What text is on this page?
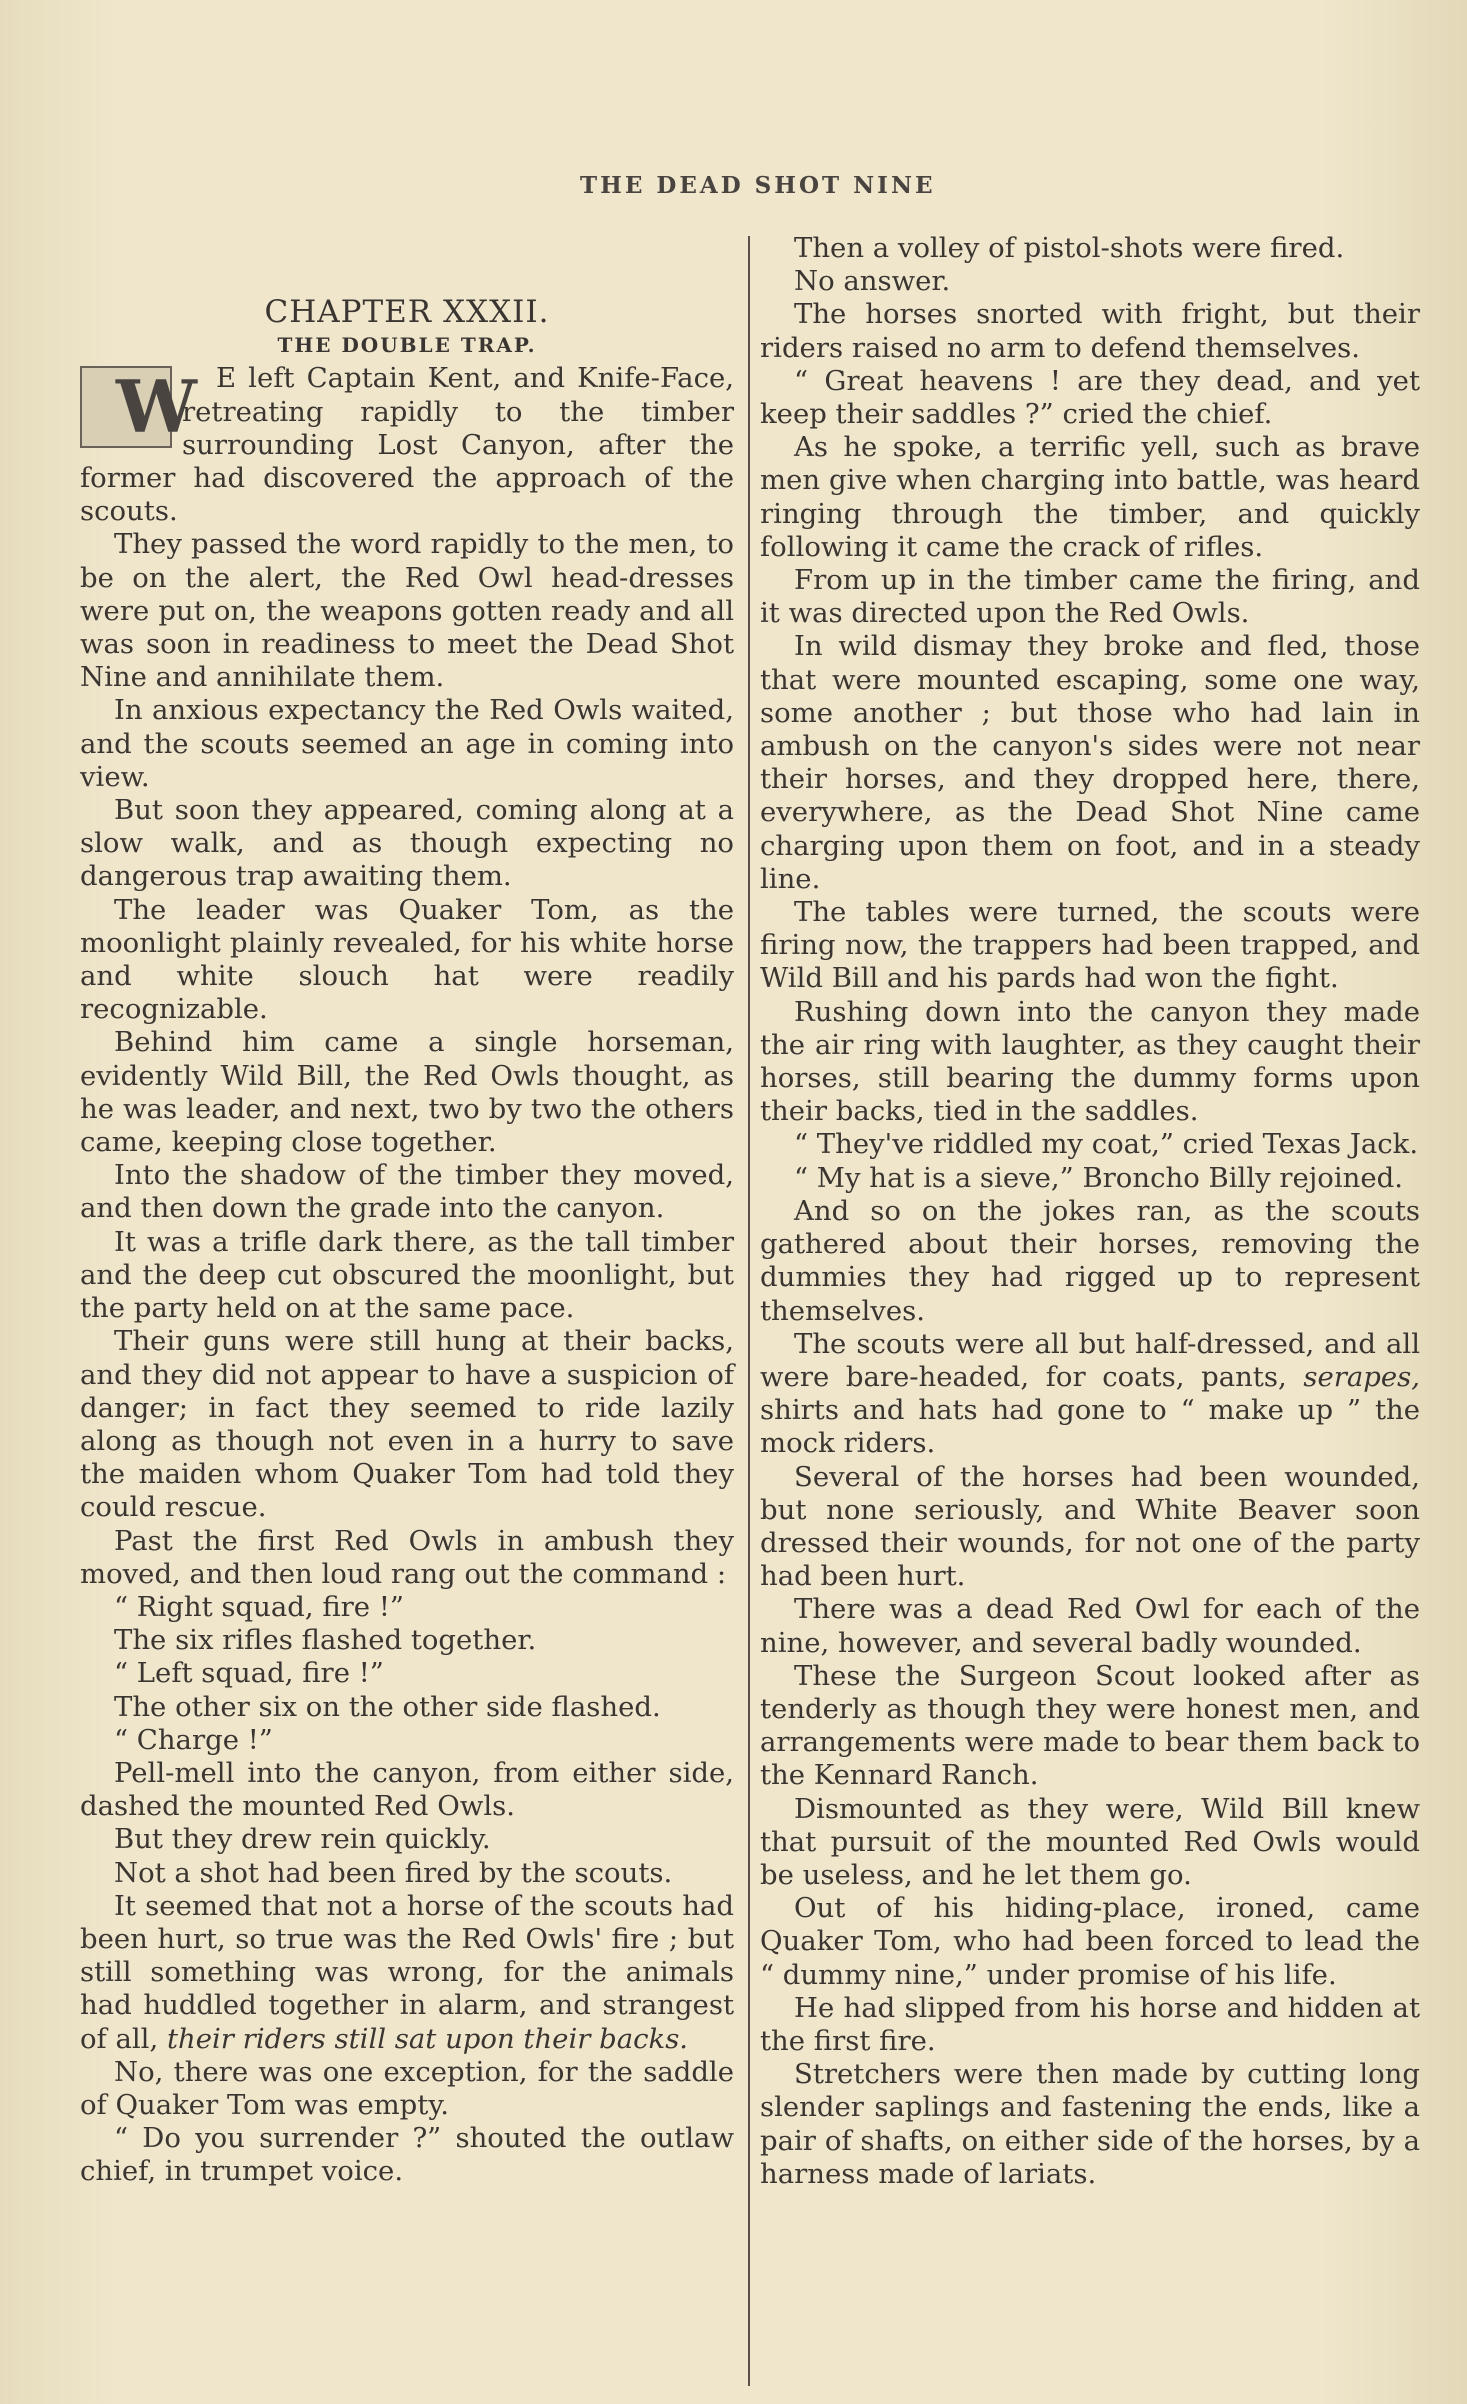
THE DEAD SHOT NINE

CHAPTER XXXII.

THE DOUBLE TRAP.

W E left Captain Kent, and Knife-Face, retreating rapidly to the timber surrounding Lost Canyon, after the former had discovered the approach of the scouts.

They passed the word rapidly to the men, to be on the alert, the Red Owl head-dresses were put on, the weapons gotten ready and all was soon in readiness to meet the Dead Shot Nine and annihilate them.

In anxious expectancy the Red Owls waited, and the scouts seemed an age in coming into view.

But soon they appeared, coming along at a slow walk, and as though expecting no dangerous trap awaiting them.

The leader was Quaker Tom, as the moonlight plainly revealed, for his white horse and white slouch hat were readily recognizable.

Behind him came a single horseman, evidently Wild Bill, the Red Owls thought, as he was leader, and next, two by two the others came, keeping close together.

Into the shadow of the timber they moved, and then down the grade into the canyon.

It was a trifle dark there, as the tall timber and the deep cut obscured the moonlight, but the party held on at the same pace.

Their guns were still hung at their backs, and they did not appear to have a suspicion of danger; in fact they seemed to ride lazily along as though not even in a hurry to save the maiden whom Quaker Tom had told they could rescue.

Past the first Red Owls in ambush they moved, and then loud rang out the command :

“ Right squad, fire !”

The six rifles flashed together.

“ Left squad, fire !”

The other six on the other side flashed.

“ Charge !”

Pell-mell into the canyon, from either side, dashed the mounted Red Owls.

But they drew rein quickly.

Not a shot had been fired by the scouts.

It seemed that not a horse of the scouts had been hurt, so true was the Red Owls' fire ; but still something was wrong, for the animals had huddled together in alarm, and strangest of all, their riders still sat upon their backs.

No, there was one exception, for the saddle of Quaker Tom was empty.

“ Do you surrender ?” shouted the outlaw chief, in trumpet voice.

Then a volley of pistol-shots were fired.

No answer.

The horses snorted with fright, but their riders raised no arm to defend themselves.

“ Great heavens ! are they dead, and yet keep their saddles ?” cried the chief.

As he spoke, a terrific yell, such as brave men give when charging into battle, was heard ringing through the timber, and quickly following it came the crack of rifles.

From up in the timber came the firing, and it was directed upon the Red Owls.

In wild dismay they broke and fled, those that were mounted escaping, some one way, some another ; but those who had lain in ambush on the canyon's sides were not near their horses, and they dropped here, there, everywhere, as the Dead Shot Nine came charging upon them on foot, and in a steady line.

The tables were turned, the scouts were firing now, the trappers had been trapped, and Wild Bill and his pards had won the fight.

Rushing down into the canyon they made the air ring with laughter, as they caught their horses, still bearing the dummy forms upon their backs, tied in the saddles.

“ They've riddled my coat,” cried Texas Jack.

“ My hat is a sieve,” Broncho Billy rejoined.

And so on the jokes ran, as the scouts gathered about their horses, removing the dummies they had rigged up to represent themselves.

The scouts were all but half-dressed, and all were bare-headed, for coats, pants, serapes, shirts and hats had gone to “ make up ” the mock riders.

Several of the horses had been wounded, but none seriously, and White Beaver soon dressed their wounds, for not one of the party had been hurt.

There was a dead Red Owl for each of the nine, however, and several badly wounded.

These the Surgeon Scout looked after as tenderly as though they were honest men, and arrangements were made to bear them back to the Kennard Ranch.

Dismounted as they were, Wild Bill knew that pursuit of the mounted Red Owls would be useless, and he let them go.

Out of his hiding-place, ironed, came Quaker Tom, who had been forced to lead the “ dummy nine,” under promise of his life.

He had slipped from his horse and hidden at the first fire.

Stretchers were then made by cutting long slender saplings and fastening the ends, like a pair of shafts, on either side of the horses, by a harness made of lariats.
